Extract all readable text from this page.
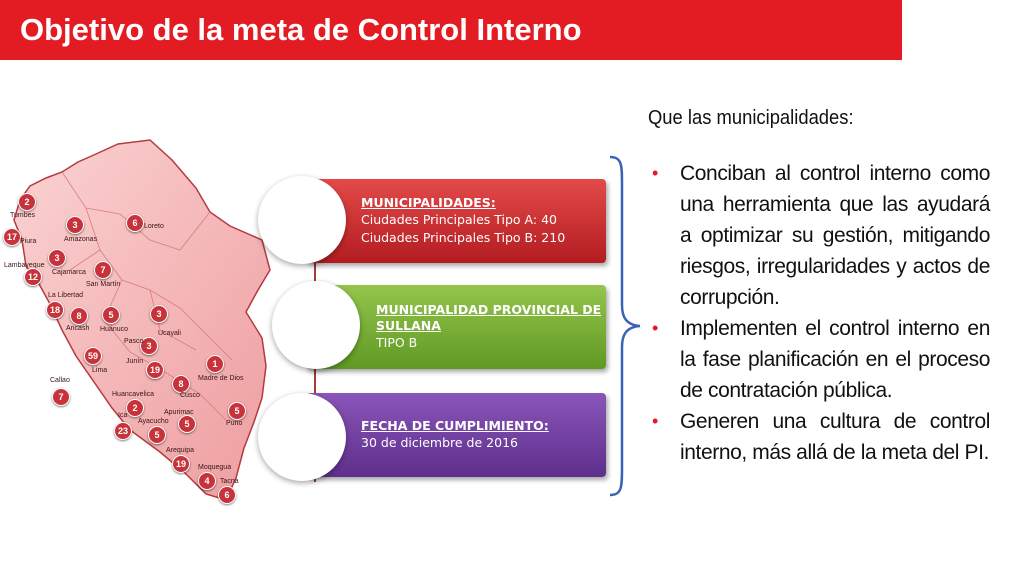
Objetivo de la meta de Control Interno
2
17
3	6
3
12
7
18
8	5	3
3
59
19
1
8
7
2
23	5
5
5
19
4
6
Tumbes
Piura	Amazonas
Loreto
Lambayeque
Cajamarca
San Martín
La Libertad
Ancash Huánuco
Ucayali
Pasco
Junín
Lima
Madre de Dios
Callao
Huancavelica	Cusco
Ica
Ayacucho
Apurimac
Puno
Arequipa
Moquegua
Tacna
MUNICIPALIDADES:
Ciudades Principales Tipo A: 40
Ciudades Principales Tipo B: 210
MUNICIPALIDAD PROVINCIAL DE SULLANA
TIPO B
FECHA DE CUMPLIMIENTO:
30 de diciembre de 2016
Que las municipalidades:
• Conciban al control interno como una herramienta que las ayudará a optimizar su gestión, mitigando riesgos, irregularidades y actos de corrupción.
• Implementen el control interno en la fase planificación en el proceso de contratación pública.
• Generen una cultura de control interno, más allá de la meta del PI.
